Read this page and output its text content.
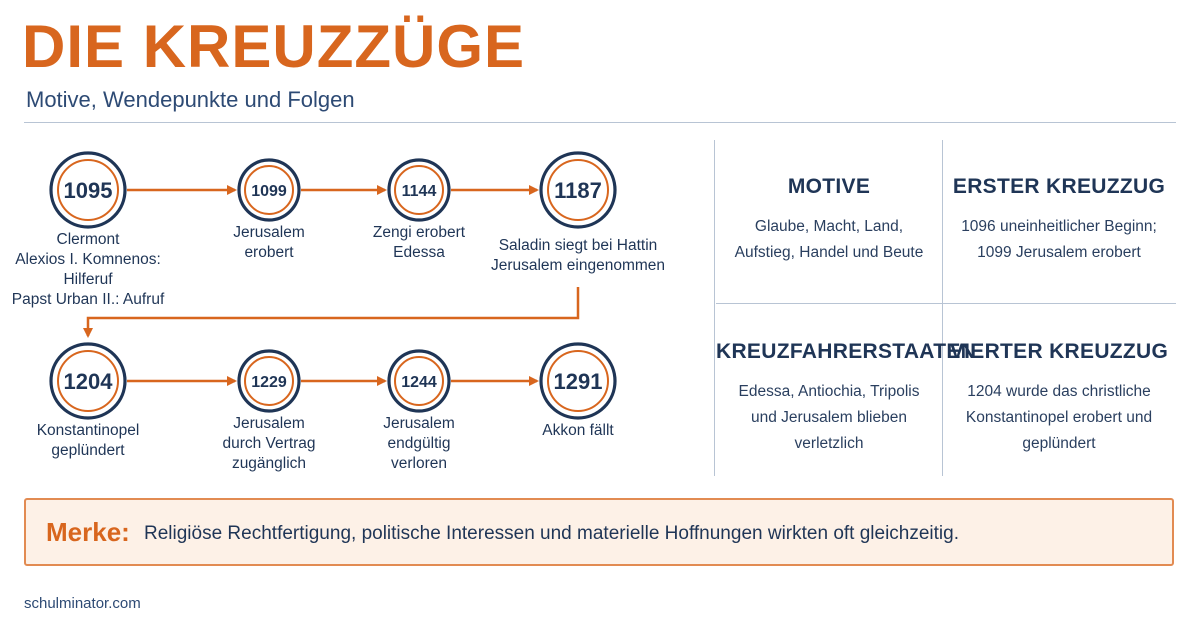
DIE KREUZZÜGE
Motive, Wendepunkte und Folgen
1095	1099	1144	1187
1204	1229	1244	1291
Clermont
Alexios I. Komnenos:
Hilferuf
Papst Urban II.: Aufruf
Jerusalem
erobert
Zengi erobert
Edessa	Saladin siegt bei Hattin
Jerusalem eingenommen
Konstantinopel
geplündert
Jerusalem
durch Vertrag
zugänglich
Jerusalem
endgültig
verloren
Akkon fällt
MOTIVE

Glaube, Macht, Land,
Aufstieg, Handel und Beute

ERSTER KREUZZUG

1096 uneinheitlicher Beginn;
1099 Jerusalem erobert

KREUZFAHRERSTAATEN

Edessa, Antiochia, Tripolis
und Jerusalem blieben
verletzlich

VIERTER KREUZZUG

1204 wurde das christliche
Konstantinopel erobert und
geplündert

Merke: Religiöse Rechtfertigung, politische Interessen und materielle Hoffnungen wirkten oft gleichzeitig.
schulminator.com
